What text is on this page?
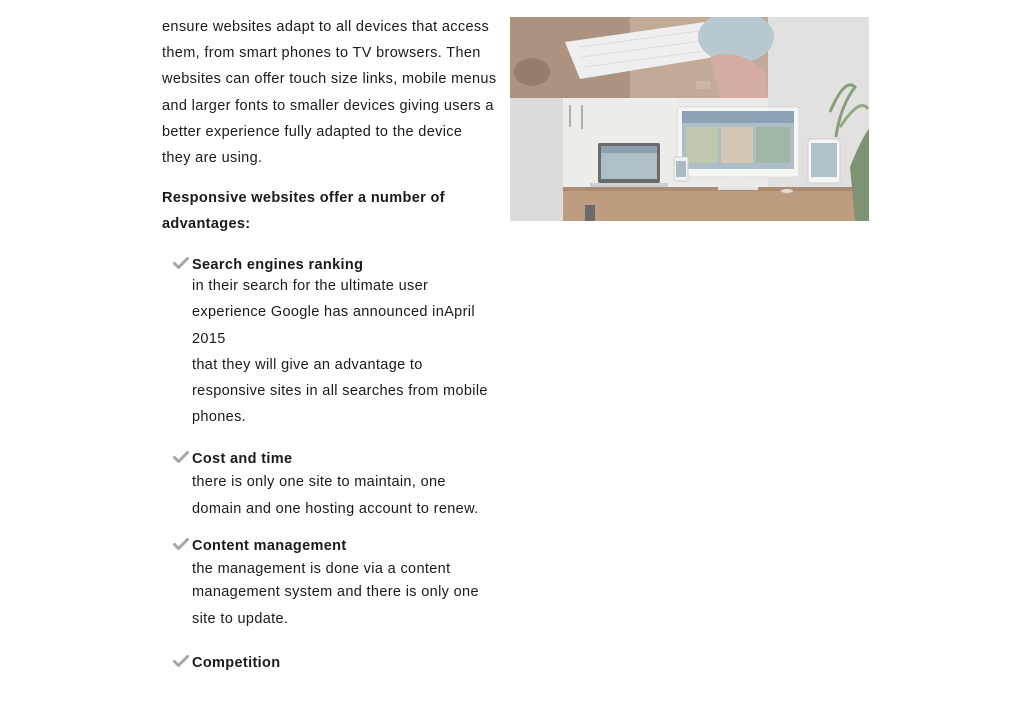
ensure websites adapt to all devices that access

them, from smart phones to TV browsers. Then

websites can offer touch size links, mobile menus

and larger fonts to smaller devices giving users a

better experience fully adapted to the device

they are using.

Responsive websites offer a number of
advantages:
Search engines ranking
in their search for the ultimate user
experience Google has announced inApril
2015
that they will give an advantage to
responsive sites in all searches from mobile
phones.
Cost and time
there is only one site to maintain, one
domain and one hosting account to renew.
Content management
the management is done via a content
management system and there is only one
site to update.
Competition
